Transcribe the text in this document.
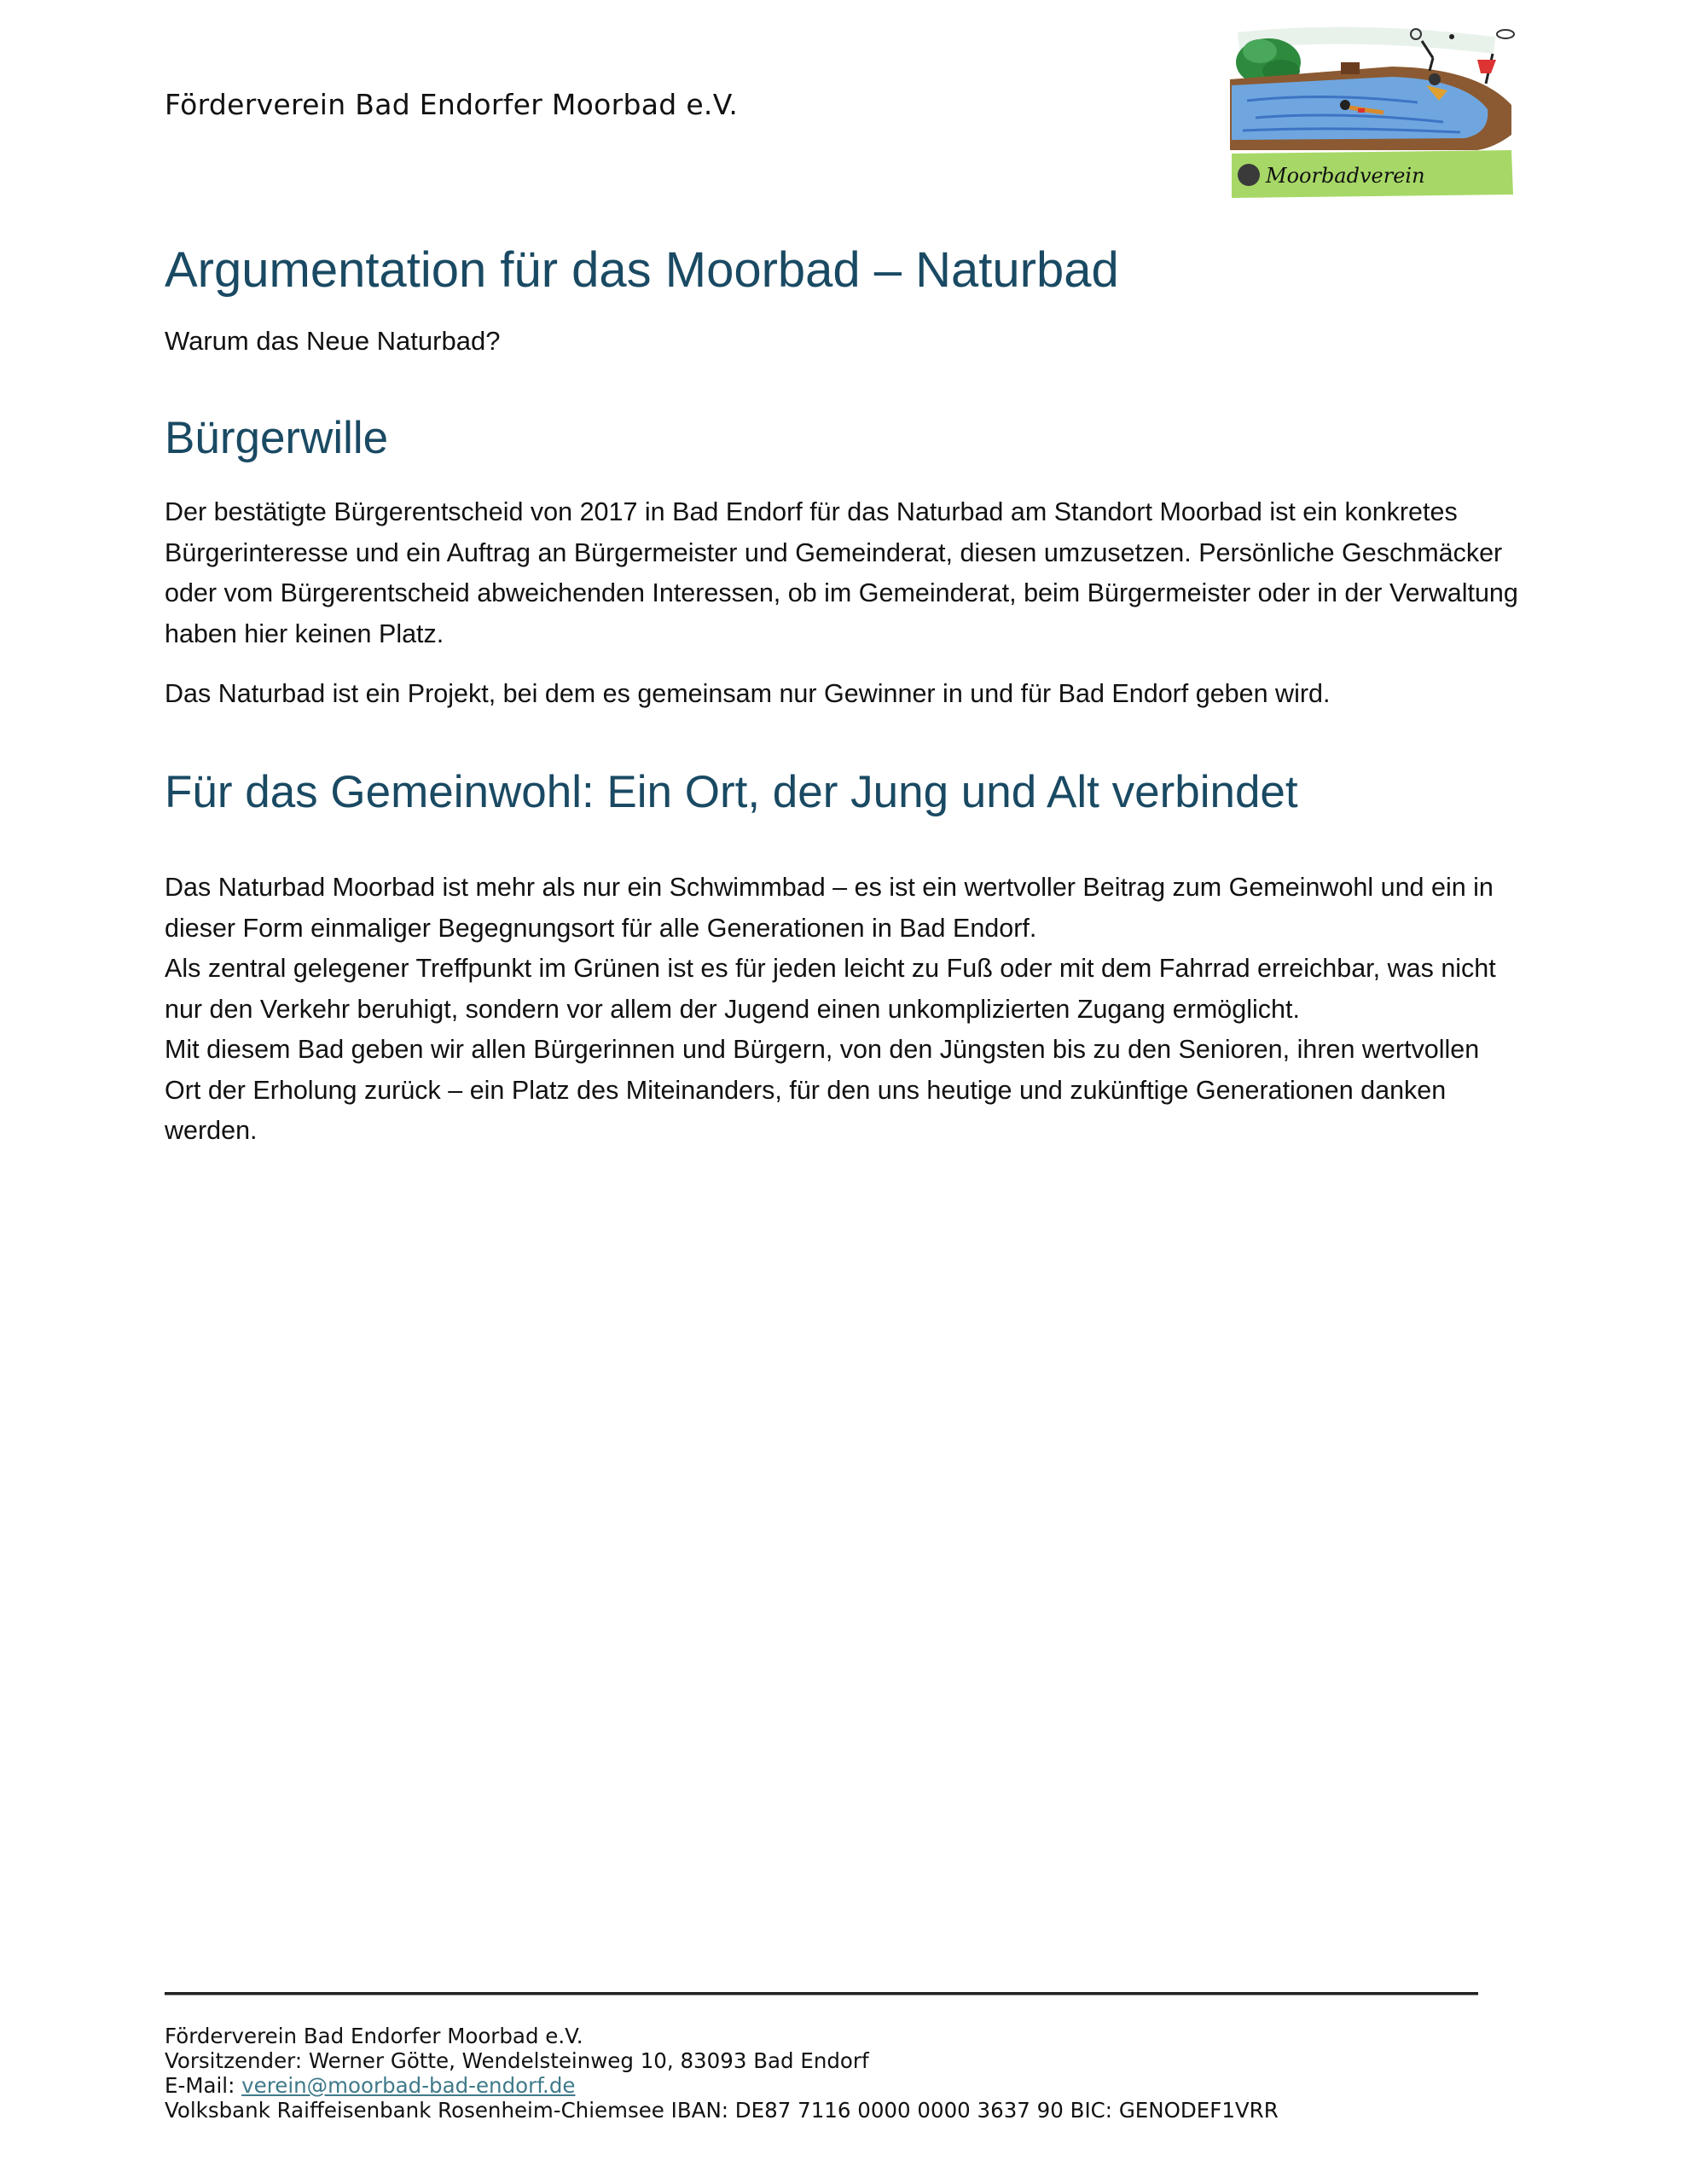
Förderverein Bad Endorfer Moorbad e.V.
Moorbadverein
Argumentation für das Moorbad – Naturbad
Warum das Neue Naturbad?
Bürgerwille

Der bestätigte Bürgerentscheid von 2017 in Bad Endorf für das Naturbad am Standort Moorbad ist ein konkretes Bürgerinteresse und ein Auftrag an Bürgermeister und Gemeinderat, diesen umzusetzen. Persönliche Geschmäcker oder vom Bürgerentscheid abweichenden Interessen, ob im Gemeinderat, beim Bürgermeister oder in der Verwaltung haben hier keinen Platz.

Das Naturbad ist ein Projekt, bei dem es gemeinsam nur Gewinner in und für Bad Endorf geben wird.

Für das Gemeinwohl: Ein Ort, der Jung und Alt verbindet

Das Naturbad Moorbad ist mehr als nur ein Schwimmbad – es ist ein wertvoller Beitrag zum Gemeinwohl und ein in dieser Form einmaliger Begegnungsort für alle Generationen in Bad Endorf.

Als zentral gelegener Treffpunkt im Grünen ist es für jeden leicht zu Fuß oder mit dem Fahrrad erreichbar, was nicht nur den Verkehr beruhigt, sondern vor allem der Jugend einen unkomplizierten Zugang ermöglicht.

Mit diesem Bad geben wir allen Bürgerinnen und Bürgern, von den Jüngsten bis zu den Senioren, ihren wertvollen Ort der Erholung zurück – ein Platz des Miteinanders, für den uns heutige und zukünftige Generationen danken werden.

Förderverein Bad Endorfer Moorbad e.V.
Vorsitzender: Werner Götte, Wendelsteinweg 10, 83093 Bad Endorf
E-Mail: verein@moorbad-bad-endorf.de
Volksbank Raiffeisenbank Rosenheim-Chiemsee IBAN: DE87 7116 0000 0000 3637 90 BIC: GENODEF1VRR
